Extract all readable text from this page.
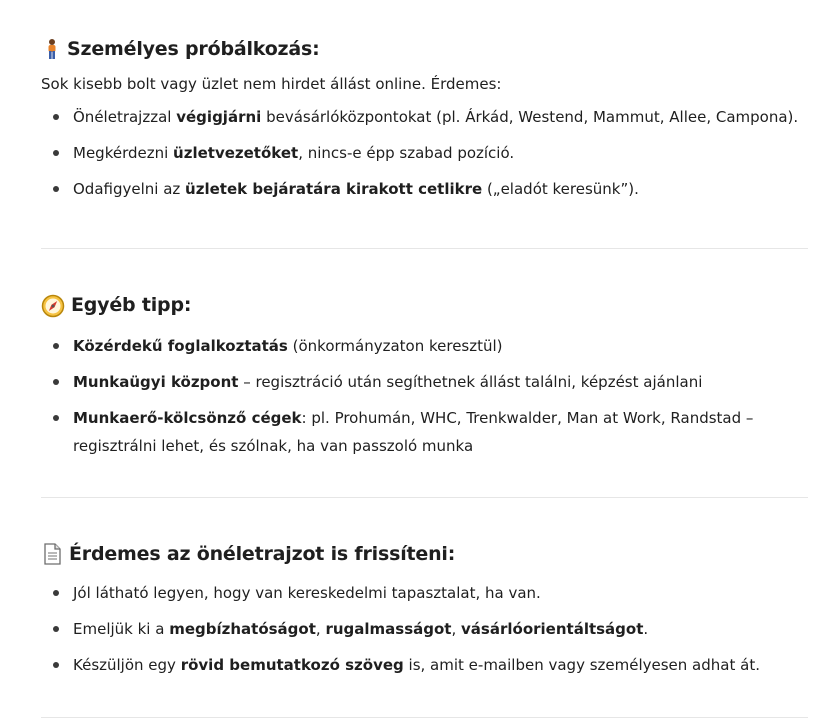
Személyes próbálkozás:

Sok kisebb bolt vagy üzlet nem hirdet állást online. Érdemes:

Önéletrajzzal végigjárni bevásárlóközpontokat (pl. Árkád, Westend, Mammut, Allee, Campona).
Megkérdezni üzletvezetőket, nincs-e épp szabad pozíció.
Odafigyelni az üzletek bejáratára kirakott cetlikre („eladót keresünk”).
Egyéb tipp:
Közérdekű foglalkoztatás (önkormányzaton keresztül)
Munkaügyi központ – regisztráció után segíthetnek állást találni, képzést ajánlani
Munkaerő-kölcsönző cégek: pl. Prohumán, WHC, Trenkwalder, Man at Work, Randstad – regisztrálni lehet, és szólnak, ha van passzoló munka
Érdemes az önéletrajzot is frissíteni:
Jól látható legyen, hogy van kereskedelmi tapasztalat, ha van.
Emeljük ki a megbízhatóságot, rugalmasságot, vásárlóorientáltságot.
Készüljön egy rövid bemutatkozó szöveg is, amit e-mailben vagy személyesen adhat át.
